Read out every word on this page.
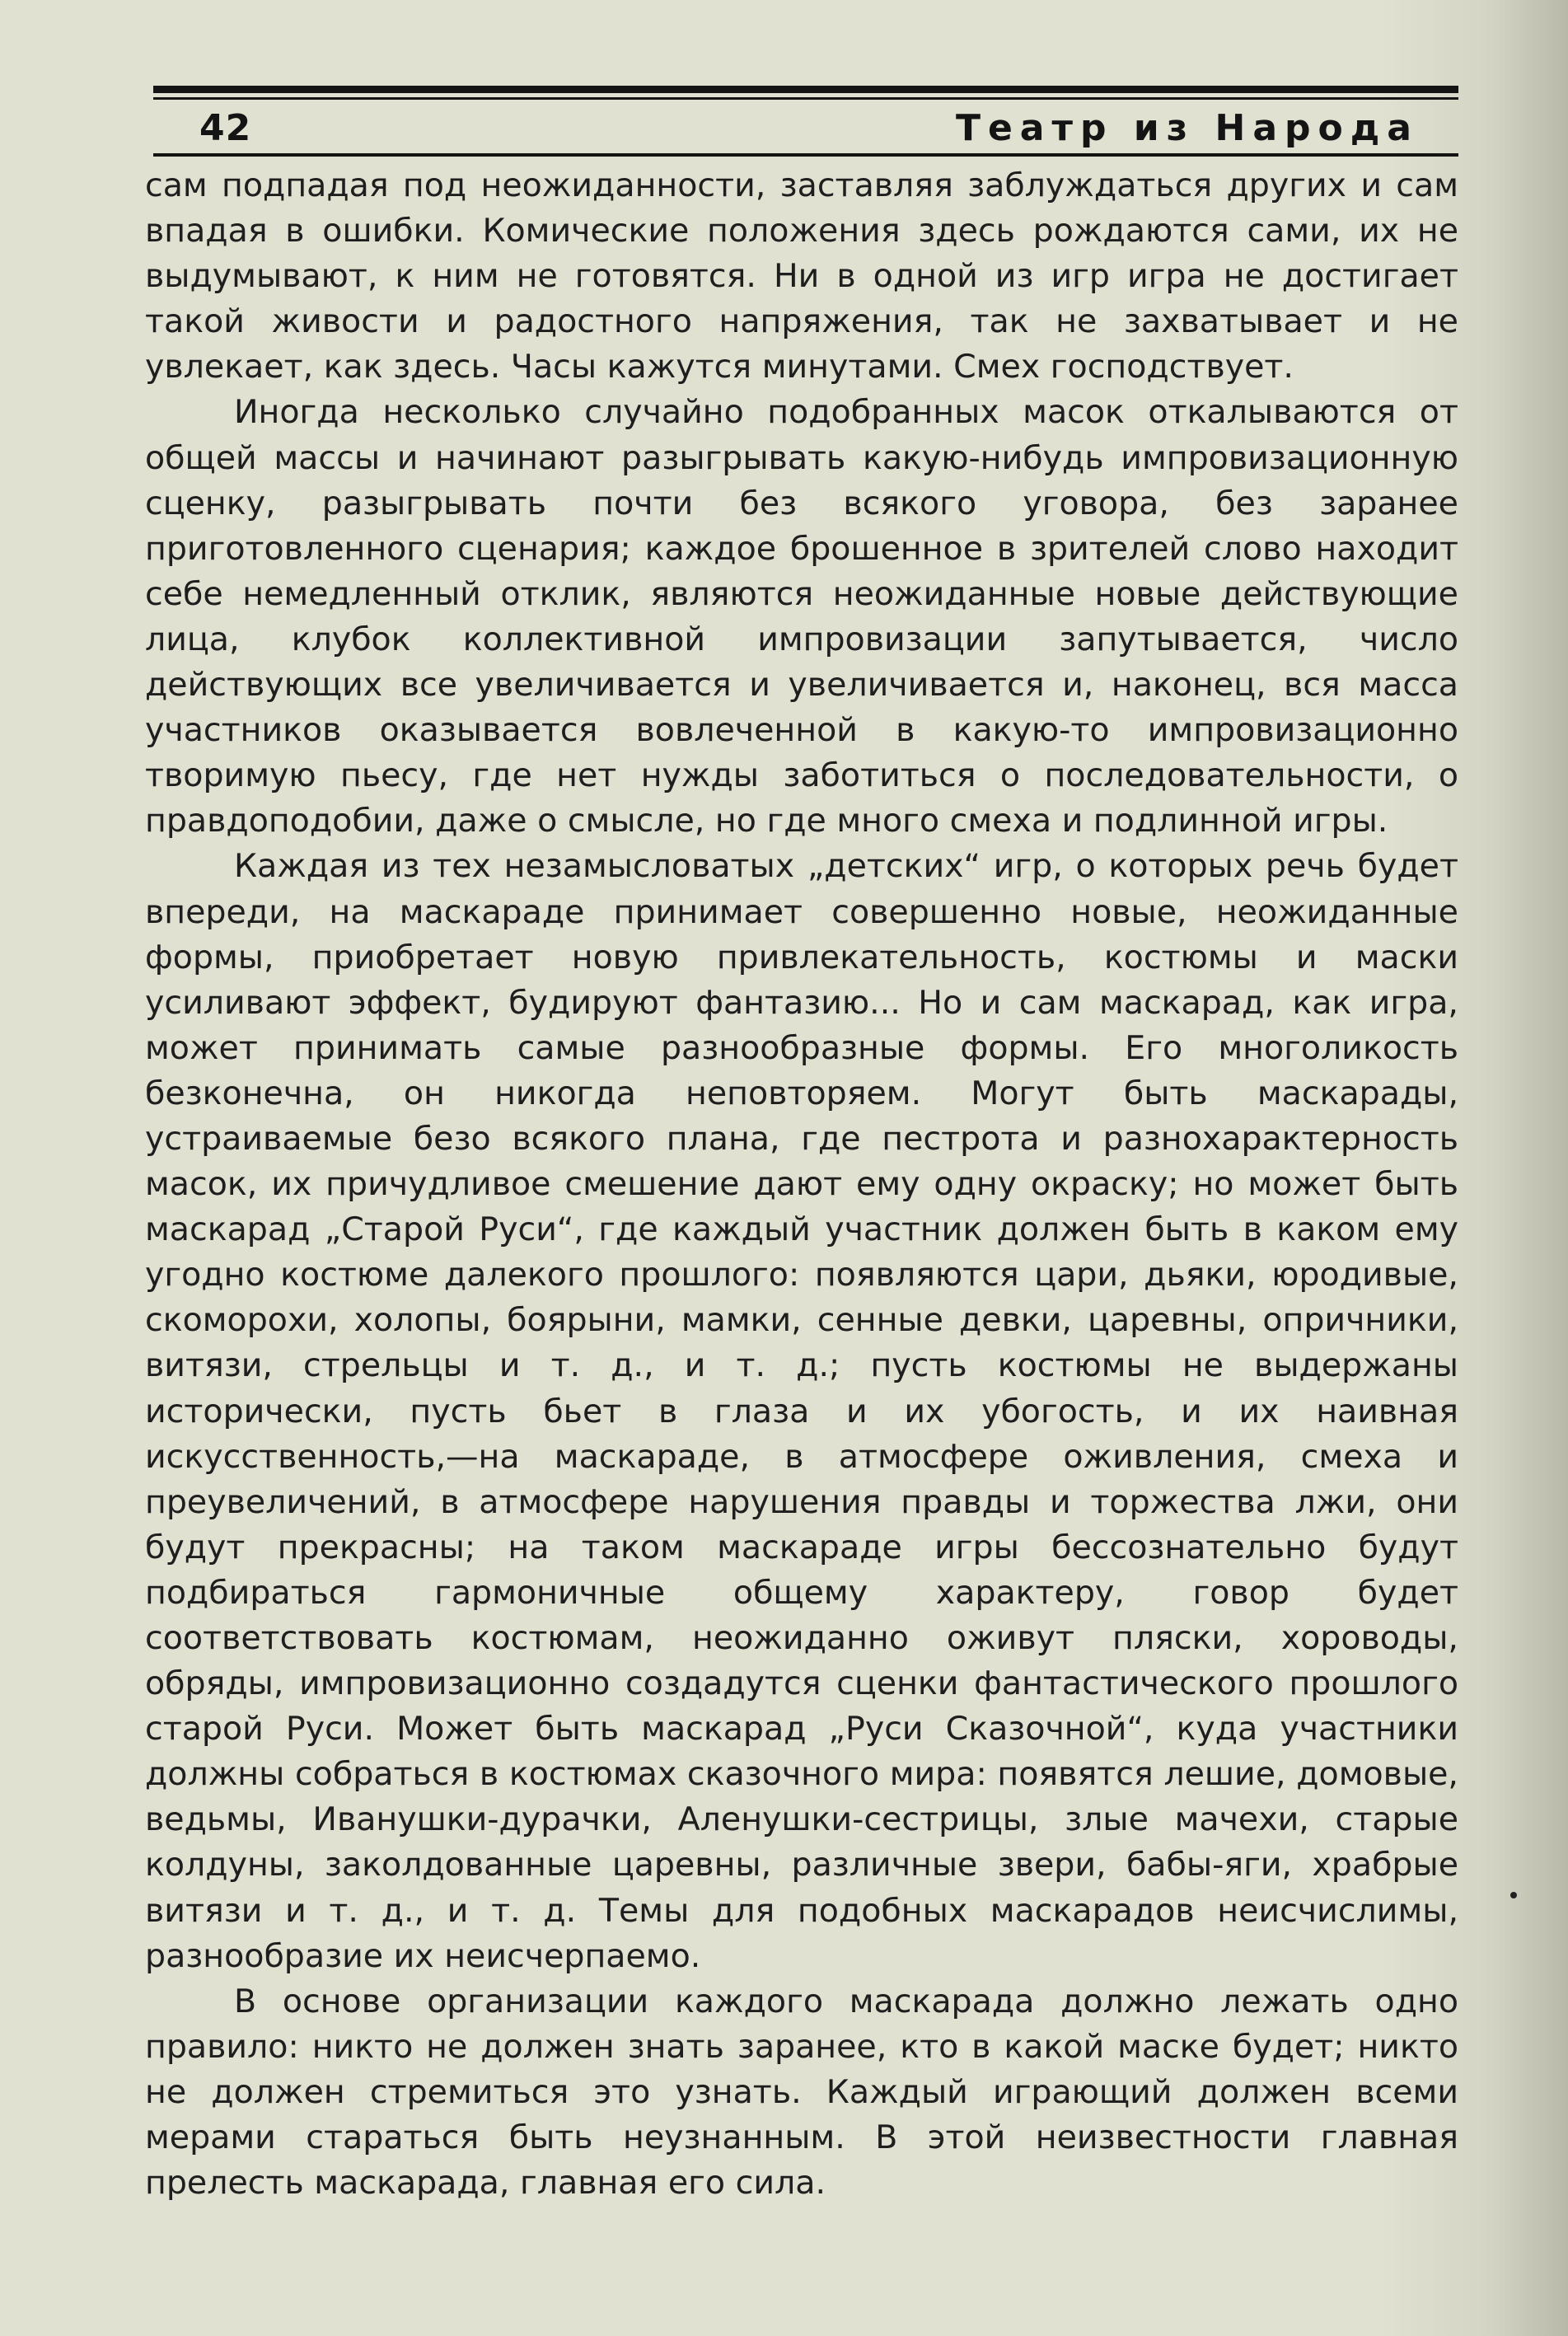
42	Театр из Народа

сам подпадая под неожиданности, заставляя заблуждаться других и сам впадая в ошибки. Комические положения здесь рождаются сами, их не выдумывают, к ним не готовятся. Ни в одной из игр игра не достигает такой живости и радостного напряжения, так не захватывает и не увлекает, как здесь. Часы кажутся минутами. Смех господствует.

Иногда несколько случайно подобранных масок откалываются от общей массы и начинают разыгрывать какую-нибудь импровизационную сценку, разыгрывать почти без всякого уговора, без заранее приготовленного сценария; каждое брошенное в зрителей слово находит себе немедленный отклик, являются неожиданные новые действующие лица, клубок коллективной импровизации запутывается, число действующих все увеличивается и увеличивается и, наконец, вся масса участников оказывается вовлеченной в какую-то импровизационно творимую пьесу, где нет нужды заботиться о последовательности, о правдоподобии, даже о смысле, но где много смеха и подлинной игры.

Каждая из тех незамысловатых „детских“ игр, о которых речь будет впереди, на маскараде принимает совершенно новые, неожиданные формы, приобретает новую привлекательность, костюмы и маски усиливают эффект, будируют фантазию... Но и сам маскарад, как игра, может принимать самые разнообразные формы. Его многоликость безконечна, он никогда неповторяем. Могут быть маскарады, устраиваемые безо всякого плана, где пестрота и разнохарактерность масок, их причудливое смешение дают ему одну окраску; но может быть маскарад „Старой Руси“, где каждый участник должен быть в каком ему угодно костюме далекого прошлого: появляются цари, дьяки, юродивые, скоморохи, холопы, боярыни, мамки, сенные девки, царевны, опричники, витязи, стрельцы и т. д., и т. д.; пусть костюмы не выдержаны исторически, пусть бьет в глаза и их убогость, и их наивная искусственность,—на маскараде, в атмосфере оживления, смеха и преувеличений, в атмосфере нарушения правды и торжества лжи, они будут прекрасны; на таком маскараде игры бессознательно будут подбираться гармоничные общему характеру, говор будет соответствовать костюмам, неожиданно оживут пляски, хороводы, обряды, импровизационно создадутся сценки фантастического прошлого старой Руси. Может быть маскарад „Руси Сказочной“, куда участники должны собраться в костюмах сказочного мира: появятся лешие, домовые, ведьмы, Иванушки-дурачки, Аленушки-сестрицы, злые мачехи, старые колдуны, заколдованные царевны, различные звери, бабы-яги, храбрые витязи и т. д., и т. д. Темы для подобных маскарадов неисчислимы, разнообразие их неисчерпаемо.

В основе организации каждого маскарада должно лежать одно правило: никто не должен знать заранее, кто в какой маске будет; никто не должен стремиться это узнать. Каждый играющий должен всеми мерами стараться быть неузнанным. В этой неизвестности главная прелесть маскарада, главная его сила.
